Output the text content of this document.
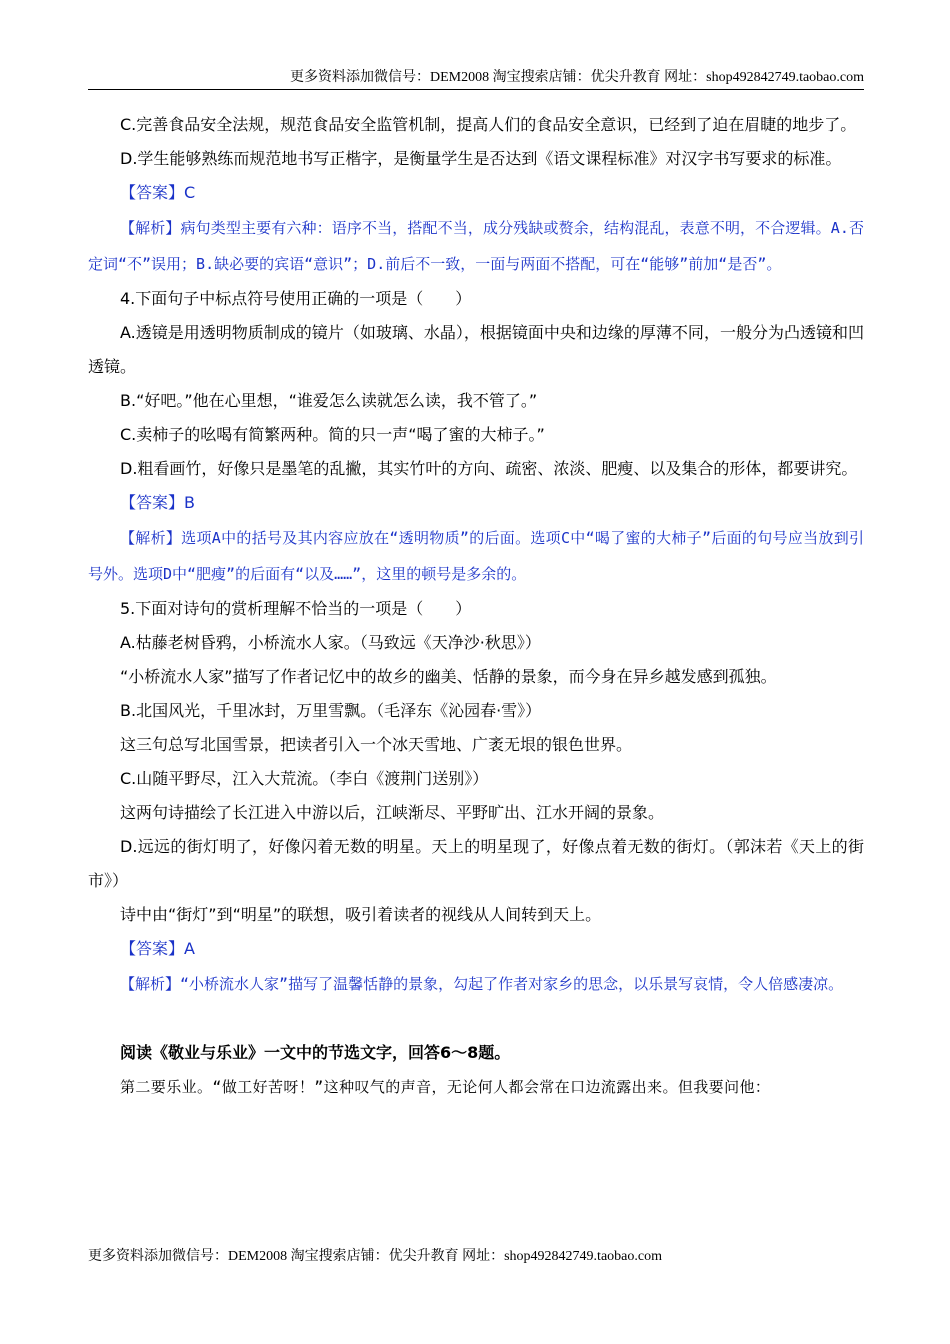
更多资料添加微信号：DEM2008 淘宝搜索店铺：优尖升教育 网址：shop492842749.taobao.com

C.完善食品安全法规，规范食品安全监管机制，提高人们的食品安全意识，已经到了迫在眉睫的地步了。

D.学生能够熟练而规范地书写正楷字，是衡量学生是否达到《语文课程标准》对汉字书写要求的标准。

【答案】C

【解析】病句类型主要有六种：语序不当，搭配不当，成分残缺或赘余，结构混乱，表意不明，不合逻辑。A.否定词“不”误用；B.缺必要的宾语“意识”；D.前后不一致，一面与两面不搭配，可在“能够”前加“是否”。

4.下面句子中标点符号使用正确的一项是（　　）

A.透镜是用透明物质制成的镜片（如玻璃、水晶），根据镜面中央和边缘的厚薄不同，一般分为凸透镜和凹透镜。

B.“好吧。”他在心里想，“谁爱怎么读就怎么读，我不管了。”

C.卖柿子的吆喝有简繁两种。简的只一声“喝了蜜的大柿子。”

D.粗看画竹，好像只是墨笔的乱撇，其实竹叶的方向、疏密、浓淡、肥瘦、以及集合的形体，都要讲究。

【答案】B

【解析】选项A中的括号及其内容应放在“透明物质”的后面。选项C中“喝了蜜的大柿子”后面的句号应当放到引号外。选项D中“肥瘦”的后面有“以及……”，这里的顿号是多余的。

5.下面对诗句的赏析理解不恰当的一项是（　　）

A.枯藤老树昏鸦，小桥流水人家。（马致远《天净沙·秋思》）

“小桥流水人家”描写了作者记忆中的故乡的幽美、恬静的景象，而今身在异乡越发感到孤独。

B.北国风光，千里冰封，万里雪飘。（毛泽东《沁园春·雪》）

这三句总写北国雪景，把读者引入一个冰天雪地、广袤无垠的银色世界。

C.山随平野尽，江入大荒流。（李白《渡荆门送别》）

这两句诗描绘了长江进入中游以后，江峡渐尽、平野旷出、江水开阔的景象。

D.远远的街灯明了，好像闪着无数的明星。天上的明星现了，好像点着无数的街灯。（郭沫若《天上的街市》）

诗中由“街灯”到“明星”的联想，吸引着读者的视线从人间转到天上。

【答案】A

【解析】“小桥流水人家”描写了温馨恬静的景象，勾起了作者对家乡的思念，以乐景写哀情，令人倍感凄凉。

阅读《敬业与乐业》一文中的节选文字，回答6～8题。

第二要乐业。“做工好苦呀！”这种叹气的声音，无论何人都会常在口边流露出来。但我要问他：

更多资料添加微信号：DEM2008 淘宝搜索店铺：优尖升教育 网址：shop492842749.taobao.com
